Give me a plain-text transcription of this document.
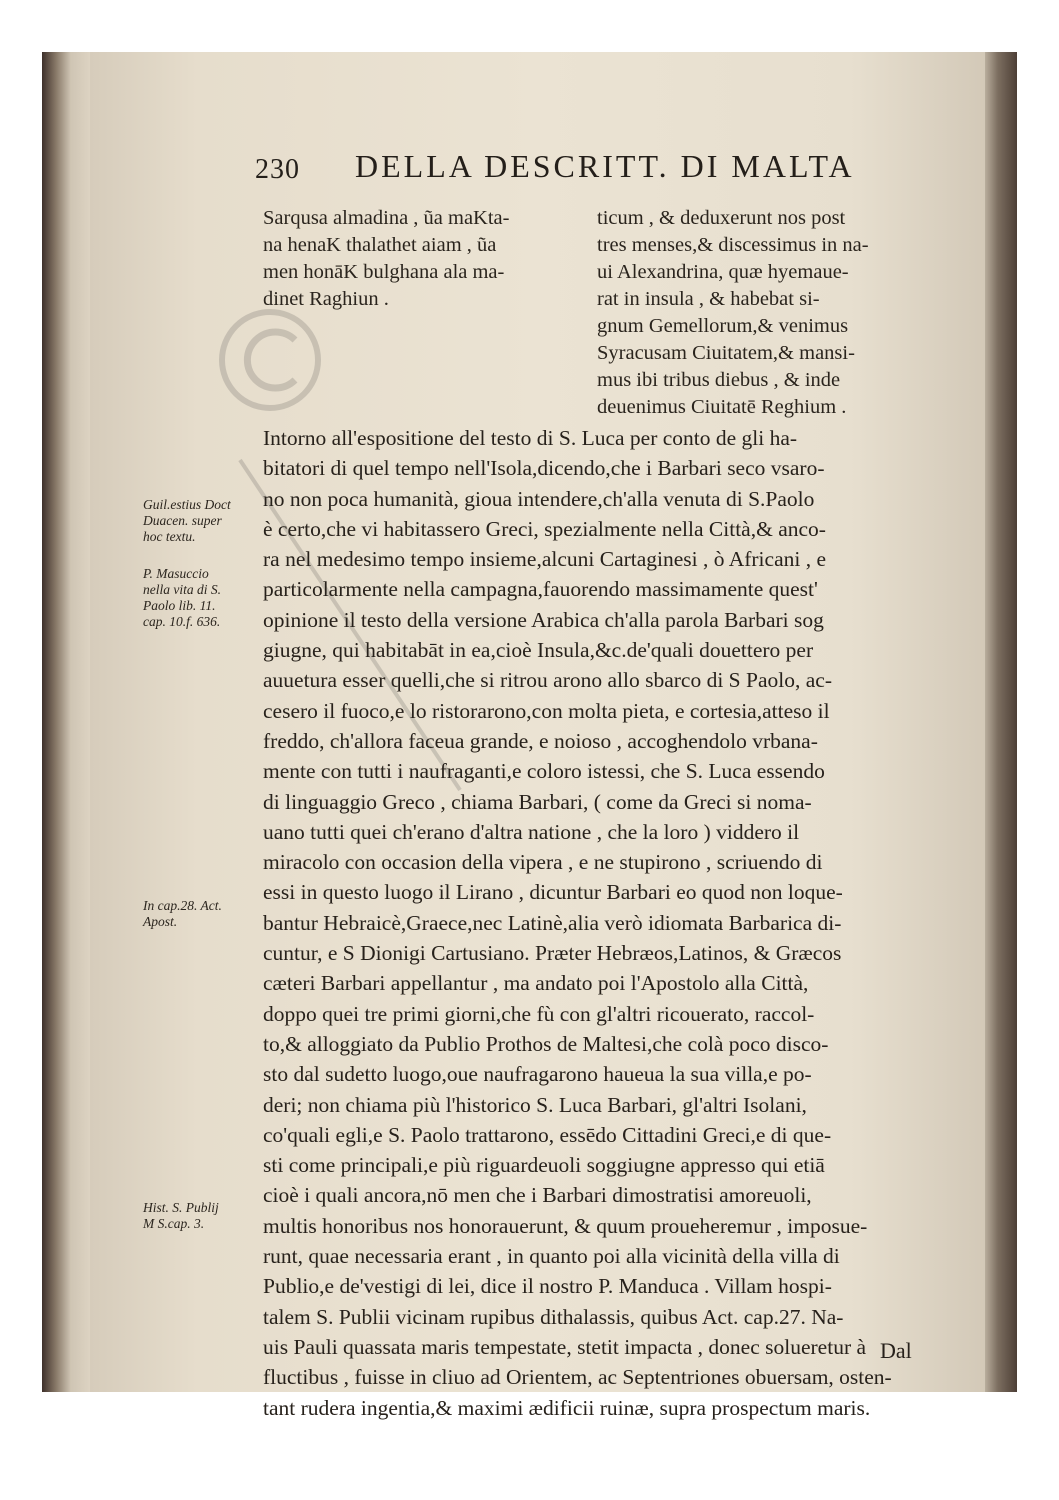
230 DELLA DESCRITT. DI MALTA
Sarqusa almadina , ũa maKta-
na henaK thalathet aiam , ũa
men honāK bulghana ala ma-
dinet Raghiun .
ticum , & deduxerunt nos post
tres menses,& discessimus in na-
ui Alexandrina, quæ hyemaue-
rat in insula , & habebat si-
gnum Gemellorum,& venimus
Syracusam Ciuitatem,& mansi-
mus ibi tribus diebus , & inde
deuenimus Ciuitatē Reghium .
Intorno all'espositione del testo di S. Luca per conto de gli ha-
bitatori di quel tempo nell'Isola,dicendo,che i Barbari seco vsaro-
no non poca humanità, gioua intendere,ch'alla venuta di S.Paolo
è certo,che vi habitassero Greci, spezialmente nella Città,& anco-
ra nel medesimo tempo insieme,alcuni Cartaginesi , ò Africani , e
particolarmente nella campagna,fauorendo massimamente quest'
opinione il testo della versione Arabica ch'alla parola Barbari sog
giugne, qui habitabāt in ea,cioè Insula,&c.de'quali douettero per
auuetura esser quelli,che si ritrou arono allo sbarco di S Paolo, ac-
cesero il fuoco,e lo ristorarono,con molta pieta, e cortesia,atteso il
freddo, ch'allora faceua grande, e noioso , accoghendolo vrbana-
mente con tutti i naufraganti,e coloro istessi, che S. Luca essendo
di linguaggio Greco , chiama Barbari, ( come da Greci si noma-
uano tutti quei ch'erano d'altra natione , che la loro ) viddero il
miracolo con occasion della vipera , e ne stupirono , scriuendo di
essi in questo luogo il Lirano , dicuntur Barbari eo quod non loque-
bantur Hebraicè,Graece,nec Latinè,alia verò idiomata Barbarica di-
cuntur, e S Dionigi Cartusiano. Præter Hebræos,Latinos, & Græcos
cæteri Barbari appellantur , ma andato poi l'Apostolo alla Città,
doppo quei tre primi giorni,che fù con gl'altri ricouerato, raccol-
to,& alloggiato da Publio Prothos de Maltesi,che colà poco disco-
sto dal sudetto luogo,oue naufragarono haueua la sua villa,e po-
deri; non chiama più l'historico S. Luca Barbari, gl'altri Isolani,
co'quali egli,e S. Paolo trattarono, essēdo Cittadini Greci,e di que-
sti come principali,e più riguardeuoli soggiugne appresso qui etiā
cioè i quali ancora,nō men che i Barbari dimostratisi amoreuoli,
multis honoribus nos honorauerunt, & quum proueheremur , imposue-
runt, quae necessaria erant , in quanto poi alla vicinità della villa di
Publio,e de'vestigi di lei, dice il nostro P. Manduca . Villam hospi-
talem S. Publii vicinam rupibus dithalassis, quibus Act. cap.27. Na-
uis Pauli quassata maris tempestate, stetit impacta , donec solueretur à
fluctibus , fuisse in cliuo ad Orientem, ac Septentriones obuersam, osten-
tant rudera ingentia,& maximi ædificii ruinæ, supra prospectum maris.
Guil.estius Doct
Duacen. super
hoc textu.
P. Masuccio
nella vita di S.
Paolo lib. 11.
cap. 10.f. 636.
In cap.28. Act.
Apost.
Hist. S. Publij
M S.cap. 3.
Dal
